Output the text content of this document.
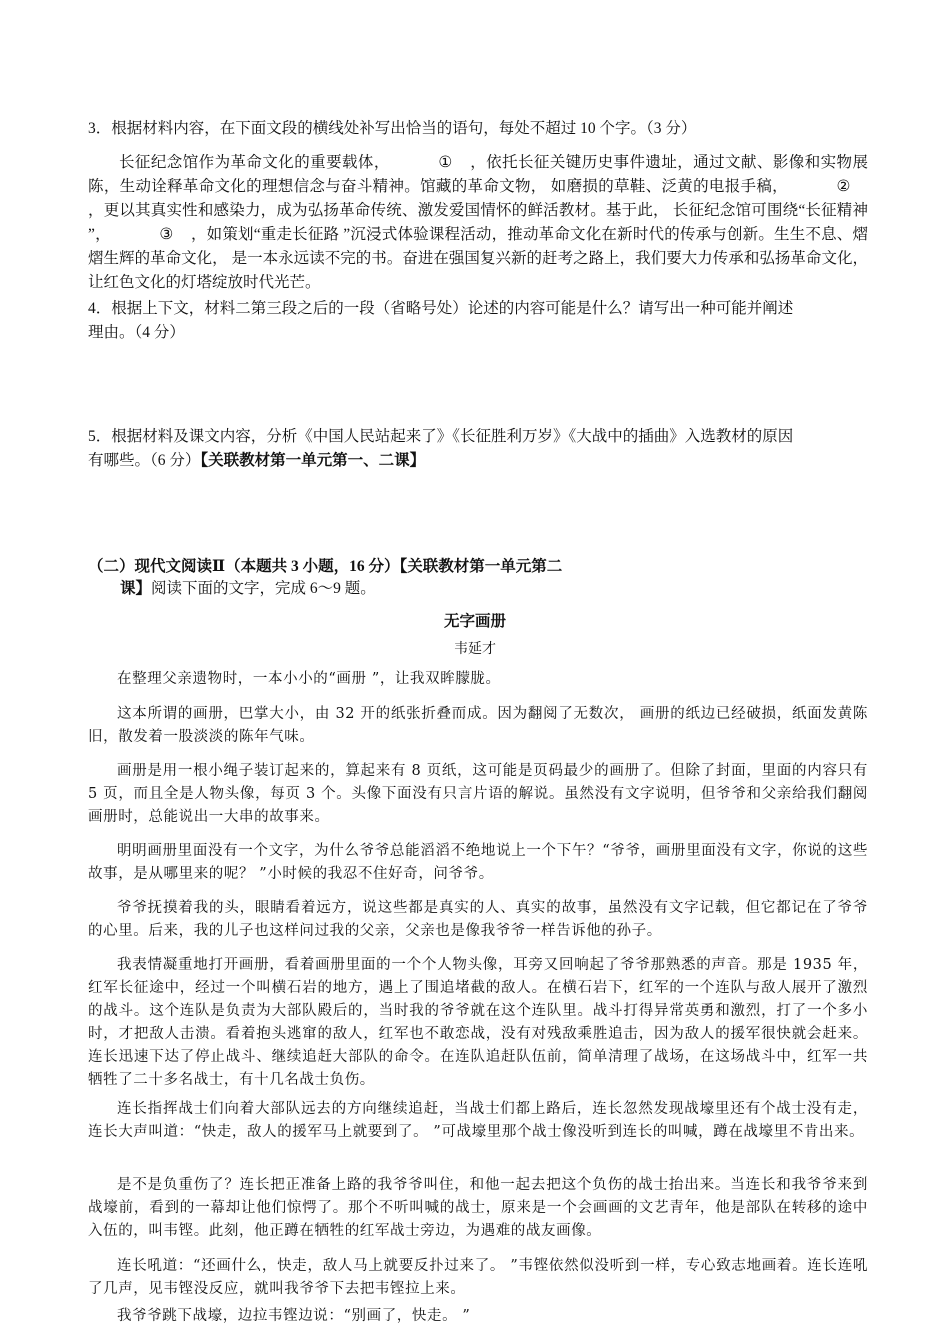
3．根据材料内容，在下面文段的横线处补写出恰当的语句，每处不超过 10 个字。（3 分）
长征纪念馆作为革命文化的重要载体，	① ，依托长征关键历史事件遗址，通过文献、影像和实物展陈，生动诠释革命文化的理想信念与奋斗精神。馆藏的革命文物， 如磨损的草鞋、泛黄的电报手稿，	②，更以其真实性和感染力，成为弘扬革命传统、激发爱国情怀的鲜活教材。基于此， 长征纪念馆可围绕“长征精神 ”，	③ ，如策划“重走长征路 ”沉浸式体验课程活动，推动革命文化在新时代的传承与创新。生生不息、熠熠生辉的革命文化， 是一本永远读不完的书。奋进在强国复兴新的赶考之路上，我们要大力传承和弘扬革命文化，让红色文化的灯塔绽放时代光芒。
4．根据上下文，材料二第三段之后的一段（省略号处）论述的内容可能是什么？请写出一种可能并阐述
理由。（4 分）
5．根据材料及课文内容，分析《中国人民站起来了》《长征胜利万岁》《大战中的插曲》入选教材的原因
有哪些。（6 分）【关联教材第一单元第一、二课】
（二）现代文阅读Ⅱ（本题共 3 小题，16 分）【关联教材第一单元第二
课】阅读下面的文字，完成 6～9 题。
无字画册
韦延才
在整理父亲遗物时，一本小小的“画册 ”，让我双眸朦胧。
这本所谓的画册，巴掌大小，由 32 开的纸张折叠而成。因为翻阅了无数次， 画册的纸边已经破损，纸面发黄陈旧，散发着一股淡淡的陈年气味。
画册是用一根小绳子装订起来的，算起来有 8 页纸，这可能是页码最少的画册了。但除了封面，里面的内容只有 5 页，而且全是人物头像，每页 3 个。头像下面没有只言片语的解说。虽然没有文字说明，但爷爷和父亲给我们翻阅画册时，总能说出一大串的故事来。
明明画册里面没有一个文字，为什么爷爷总能滔滔不绝地说上一个下午？“爷爷，画册里面没有文字，你说的这些故事，是从哪里来的呢？ ”小时候的我忍不住好奇，问爷爷。
爷爷抚摸着我的头，眼睛看着远方，说这些都是真实的人、真实的故事，虽然没有文字记载，但它都记在了爷爷的心里。后来，我的儿子也这样问过我的父亲，父亲也是像我爷爷一样告诉他的孙子。
我表情凝重地打开画册，看着画册里面的一个个人物头像，耳旁又回响起了爷爷那熟悉的声音。那是 1935 年，红军长征途中，经过一个叫横石岩的地方，遇上了围追堵截的敌人。在横石岩下，红军的一个连队与敌人展开了激烈的战斗。这个连队是负责为大部队殿后的，当时我的爷爷就在这个连队里。战斗打得异常英勇和激烈，打了一个多小时，才把敌人击溃。看着抱头逃窜的敌人，红军也不敢恋战，没有对残敌乘胜追击，因为敌人的援军很快就会赶来。连长迅速下达了停止战斗、继续追赶大部队的命令。在连队追赶队伍前，简单清理了战场，在这场战斗中，红军一共牺牲了二十多名战士，有十几名战士负伤。
连长指挥战士们向着大部队远去的方向继续追赶，当战士们都上路后，连长忽然发现战壕里还有个战士没有走，连长大声叫道：“快走，敌人的援军马上就要到了。 ”可战壕里那个战士像没听到连长的叫喊，蹲在战壕里不肯出来。
是不是负重伤了？连长把正准备上路的我爷爷叫住，和他一起去把这个负伤的战士抬出来。当连长和我爷爷来到战壕前，看到的一幕却让他们惊愕了。那个不听叫喊的战士，原来是一个会画画的文艺青年，他是部队在转移的途中入伍的，叫韦铿。此刻，他正蹲在牺牲的红军战士旁边，为遇难的战友画像。
连长吼道：“还画什么，快走，敌人马上就要反扑过来了。 ”韦铿依然似没听到一样，专心致志地画着。连长连吼了几声，见韦铿没反应，就叫我爷爷下去把韦铿拉上来。
我爷爷跳下战壕，边拉韦铿边说：“别画了，快走。 ”
